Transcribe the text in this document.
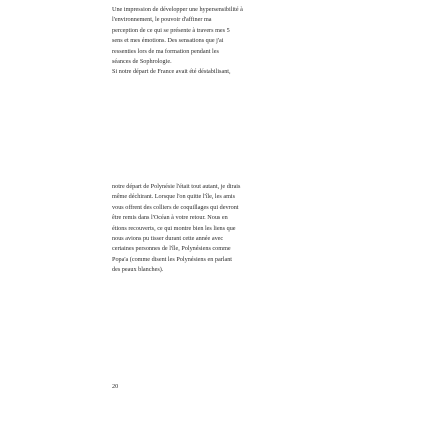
Une impression de développer une hypersensibilité à
l'environnement, le pouvoir d'affiner ma
perception de ce qui se présente à travers mes 5
sens et mes émotions. Des sensations que j'ai
ressenties lors de ma formation pendant les
séances de Sophrologie.
Si notre départ de France avait été déstabilisant,
notre départ de Polynésie l'était tout autant, je dirais
même déchirant. Lorsque l'on quitte l'île, les amis
vous offrent des colliers de coquillages qui devront
être remis dans l'Océan à votre retour. Nous en
étions recouverts, ce qui montre bien les liens que
nous avions pu tisser durant cette année avec
certaines personnes de l'île, Polynésiens comme
Popa'a (comme disent les Polynésiens en parlant
des peaux blanches).
20
